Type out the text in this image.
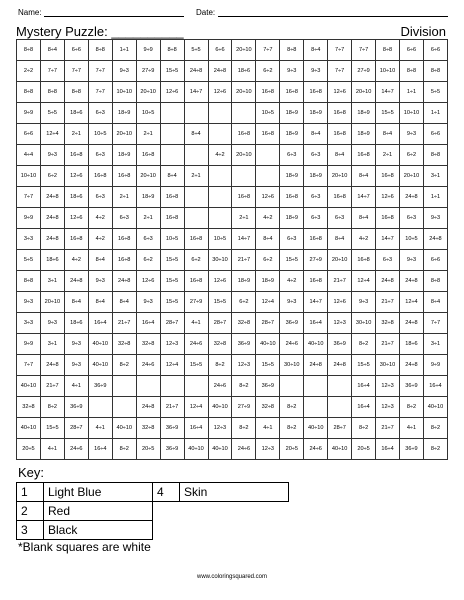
Name:	Date:
Mystery Puzzle: __________	Division
8÷8	8÷4	6÷6	8÷8	1÷1	9÷9	8÷8	5÷5	6÷6	20÷10	7÷7	8÷8	8÷4	7÷7	7÷7	8÷8	6÷6	6÷6
2÷2	7÷7	7÷7	7÷7	9÷3	27÷9	15÷5	24÷8	24÷8	18÷6	6÷2	9÷3	9÷3	7÷7	27÷9	10÷10	8÷8	8÷8
8÷8	8÷8	8÷8	7÷7	10÷10	20÷10	12÷6	14÷7	12÷6	20÷10	16÷8	16÷8	16÷8	12÷6	20÷10	14÷7	1÷1	5÷5
9÷9	5÷5	18÷6	6÷3	18÷9	10÷5					10÷5	18÷9	18÷9	16÷8	18÷9	15÷5	10÷10	1÷1
6÷6	12÷4	2÷1	10÷5	20÷10	2÷1		8÷4		16÷8	16÷8	18÷9	8÷4	16÷8	18÷9	8÷4	9÷3	6÷6
4÷4	9÷3	16÷8	6÷3	18÷9	16÷8			4÷2	20÷10		6÷3	6÷3	8÷4	16÷8	2÷1	6÷2	8÷8
10÷10	6÷2	12÷6	16÷8	16÷8	20÷10	8÷4	2÷1				18÷9	18÷9	20÷10	8÷4	16÷8	20÷10	3÷1
7÷7	24÷8	18÷6	6÷3	2÷1	18÷9	16÷8			16÷8	12÷6	16÷8	6÷3	16÷8	14÷7	12÷6	24÷8	1÷1
9÷9	24÷8	12÷6	4÷2	6÷3	2÷1	16÷8			2÷1	4÷2	18÷9	6÷3	6÷3	8÷4	16÷8	6÷3	9÷3
3÷3	24÷8	16÷8	4÷2	16÷8	6÷3	10÷5	16÷8	10÷5	14÷7	8÷4	6÷3	16÷8	8÷4	4÷2	14÷7	10÷5	24÷8
5÷5	18÷6	4÷2	8÷4	16÷8	6÷2	15÷5	6÷2	30÷10	21÷7	6÷2	15÷5	27÷9	20÷10	16÷8	6÷3	9÷3	6÷6
8÷8	3÷1	24÷8	9÷3	24÷8	12÷6	15÷5	16÷8	12÷6	18÷9	18÷9	4÷2	16÷8	21÷7	12÷4	24÷8	24÷8	8÷8
9÷3	20÷10	8÷4	8÷4	8÷4	9÷3	15÷5	27÷9	15÷5	6÷2	12÷4	9÷3	14÷7	12÷6	9÷3	21÷7	12÷4	8÷4
3÷3	9÷3	18÷6	16÷4	21÷7	16÷4	28÷7	4÷1	28÷7	32÷8	28÷7	36÷9	16÷4	12÷3	30÷10	32÷8	24÷8	7÷7
9÷9	3÷1	9÷3	40÷10	32÷8	32÷8	12÷3	24÷6	32÷8	36÷9	40÷10	24÷6	40÷10	36÷9	8÷2	21÷7	18÷6	3÷1
7÷7	24÷8	9÷3	40÷10	8÷2	24÷6	12÷4	15÷5	8÷2	12÷3	15÷5	30÷10	24÷8	24÷8	15÷5	30÷10	24÷8	9÷9
40÷10	21÷7	4÷1	36÷9					24÷6	8÷2	36÷9				16÷4	12÷3	36÷9	16÷4
32÷8	8÷2	36÷9			24÷8	21÷7	12÷4	40÷10	27÷9	32÷8	8÷2			16÷4	12÷3	8÷2	40÷10
40÷10	15÷5	28÷7	4÷1	40÷10	32÷8	36÷9	16÷4	12÷3	8÷2	4÷1	8÷2	40÷10	28÷7	8÷2	21÷7	4÷1	8÷2
20÷5	4÷1	24÷6	16÷4	8÷2	20÷5	36÷9	40÷10	40÷10	24÷6	12÷3	20÷5	24÷6	40÷10	20÷5	16÷4	36÷9	8÷2
Key:
1	Light Blue	4	Skin
2	Red		
3	Black		
*Blank squares are white
www.coloringsquared.com
